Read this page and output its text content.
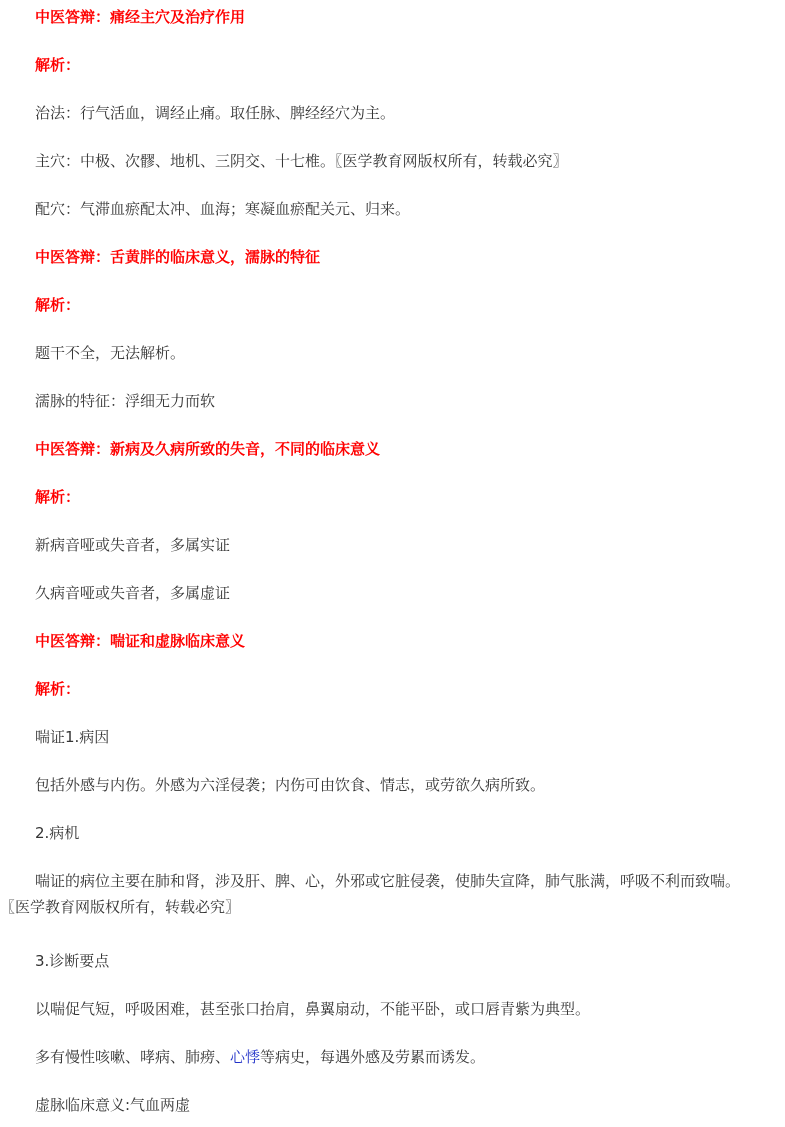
中医答辩：痛经主穴及治疗作用
解析：
治法：行气活血，调经止痛。取任脉、脾经经穴为主。
主穴：中极、次髎、地机、三阴交、十七椎。〖医学教育网版权所有，转载必究〗
配穴：气滞血瘀配太冲、血海；寒凝血瘀配关元、归来。
中医答辩：舌黄胖的临床意义，濡脉的特征
解析：
题干不全，无法解析。
濡脉的特征：浮细无力而软
中医答辩：新病及久病所致的失音，不同的临床意义
解析：
新病音哑或失音者，多属实证
久病音哑或失音者，多属虚证
中医答辩：喘证和虚脉临床意义
解析：
喘证1.病因
包括外感与内伤。外感为六淫侵袭；内伤可由饮食、情志，或劳欲久病所致。
2.病机
喘证的病位主要在肺和肾，涉及肝、脾、心，外邪或它脏侵袭，使肺失宣降，肺气胀满，呼吸不利而致喘。
〖医学教育网版权所有，转载必究〗
3.诊断要点
以喘促气短，呼吸困难，甚至张口抬肩，鼻翼扇动，不能平卧，或口唇青紫为典型。
多有慢性咳嗽、哮病、肺痨、心悸等病史，每遇外感及劳累而诱发。
虚脉临床意义:气血两虚
